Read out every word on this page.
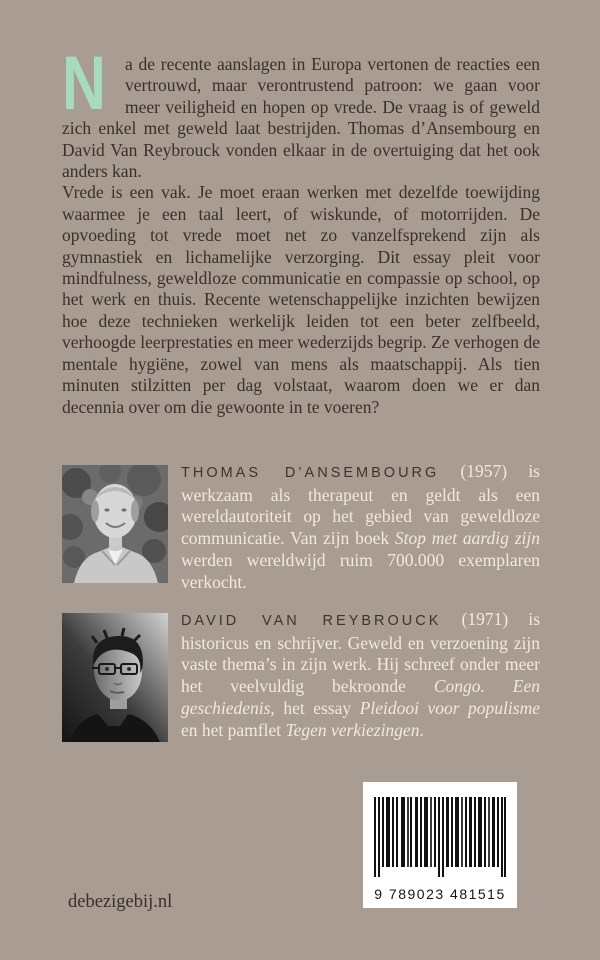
N	a de recente aanslagen in Europa vertonen de reacties een vertrouwd, maar verontrustend patroon: we gaan voor meer veiligheid en hopen op vrede. De vraag is of geweld zich enkel met geweld laat bestrijden. Thomas d’Ansembourg en David Van Reybrouck vonden elkaar in de overtuiging dat het ook anders kan.

Vrede is een vak. Je moet eraan werken met dezelfde toewijding waarmee je een taal leert, of wiskunde, of motorrijden. De opvoeding tot vrede moet net zo vanzelfsprekend zijn als gymnastiek en lichamelijke verzorging. Dit essay pleit voor mindfulness, geweldloze communicatie en compassie op school, op het werk en thuis. Recente wetenschappelijke inzichten bewijzen hoe deze technieken werkelijk leiden tot een beter zelfbeeld, verhoogde leerprestaties en meer wederzijds begrip. Ze verhogen de mentale hygiëne, zowel van mens als maatschappij. Als tien minuten stilzitten per dag volstaat, waarom doen we er dan decennia over om die gewoonte in te voeren?

THOMAS D’ANSEMBOURG (1957) is werkzaam als therapeut en geldt als een wereldautoriteit op het gebied van geweldloze communicatie. Van zijn boek Stop met aardig zijn werden wereldwijd ruim 700.000 exemplaren verkocht.

DAVID VAN REYBROUCK (1971) is historicus en schrijver. Geweld en verzoening zijn vaste thema’s in zijn werk. Hij schreef onder meer het veelvuldig bekroonde Congo. Een geschiedenis, het essay Pleidooi voor populisme en het pamflet Tegen verkiezingen.

9 789023 481515
debezigebij.nl
